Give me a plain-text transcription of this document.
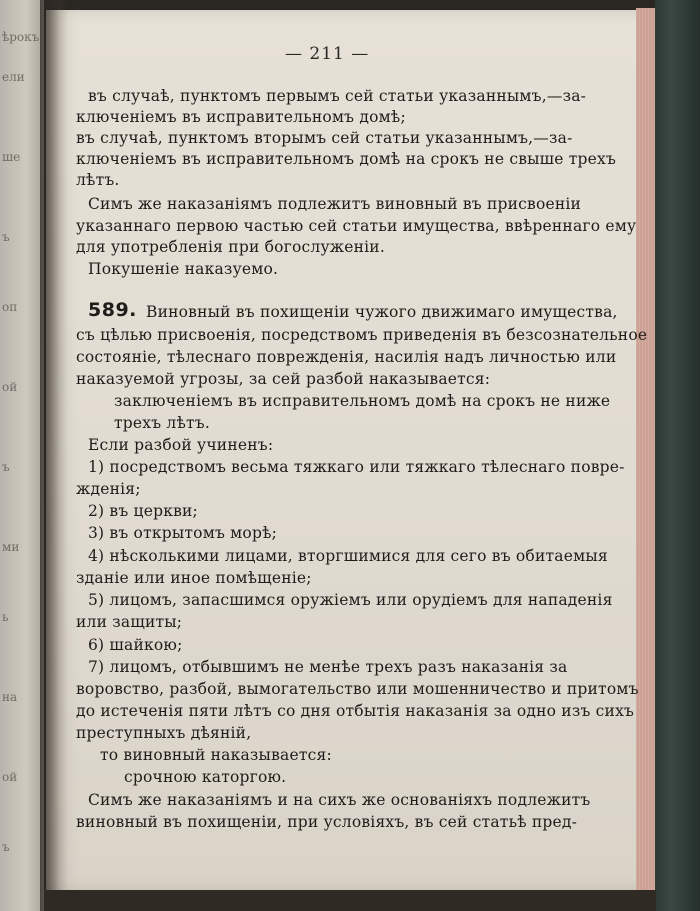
ѣрокъ
ели
ше
ъ
оп
ой
ъ
ми
ь
на
ой
ъ
— 211 —
въ случаѣ, пунктомъ первымъ сей статьи указаннымъ,—за-
ключеніемъ въ исправительномъ домѣ;
въ случаѣ, пунктомъ вторымъ сей статьи указаннымъ,—за-
ключеніемъ въ исправительномъ домѣ на срокъ не свыше трехъ
лѣтъ.
Симъ же наказаніямъ подлежитъ виновный въ присвоеніи
указаннаго первою частью сей статьи имущества, ввѣреннаго ему
для употребленія при богослуженіи.
Покушеніе наказуемо.
589. Виновный въ похищеніи чужого движимаго имущества,
съ цѣлью присвоенія, посредствомъ приведенія въ безсознательное
состояніе, тѣлеснаго поврежденія, насилія надъ личностью или
наказуемой угрозы, за сей разбой наказывается:
заключеніемъ въ исправительномъ домѣ на срокъ не ниже
трехъ лѣтъ.
Если разбой учиненъ:
1) посредствомъ весьма тяжкаго или тяжкаго тѣлеснаго повре-
жденія;
2) въ церкви;
3) въ открытомъ морѣ;
4) нѣсколькими лицами, вторгшимися для сего въ обитаемыя
зданіе или иное помѣщеніе;
5) лицомъ, запасшимся оружіемъ или орудіемъ для нападенія
или защиты;
6) шайкою;
7) лицомъ, отбывшимъ не менѣе трехъ разъ наказанія за
воровство, разбой, вымогательство или мошенничество и притомъ
до истеченія пяти лѣтъ со дня отбытія наказанія за одно изъ сихъ
преступныхъ дѣяній,
то виновный наказывается:
срочною каторгою.
Симъ же наказаніямъ и на сихъ же основаніяхъ подлежитъ
виновный въ похищеніи, при условіяхъ, въ сей статьѣ пред-
